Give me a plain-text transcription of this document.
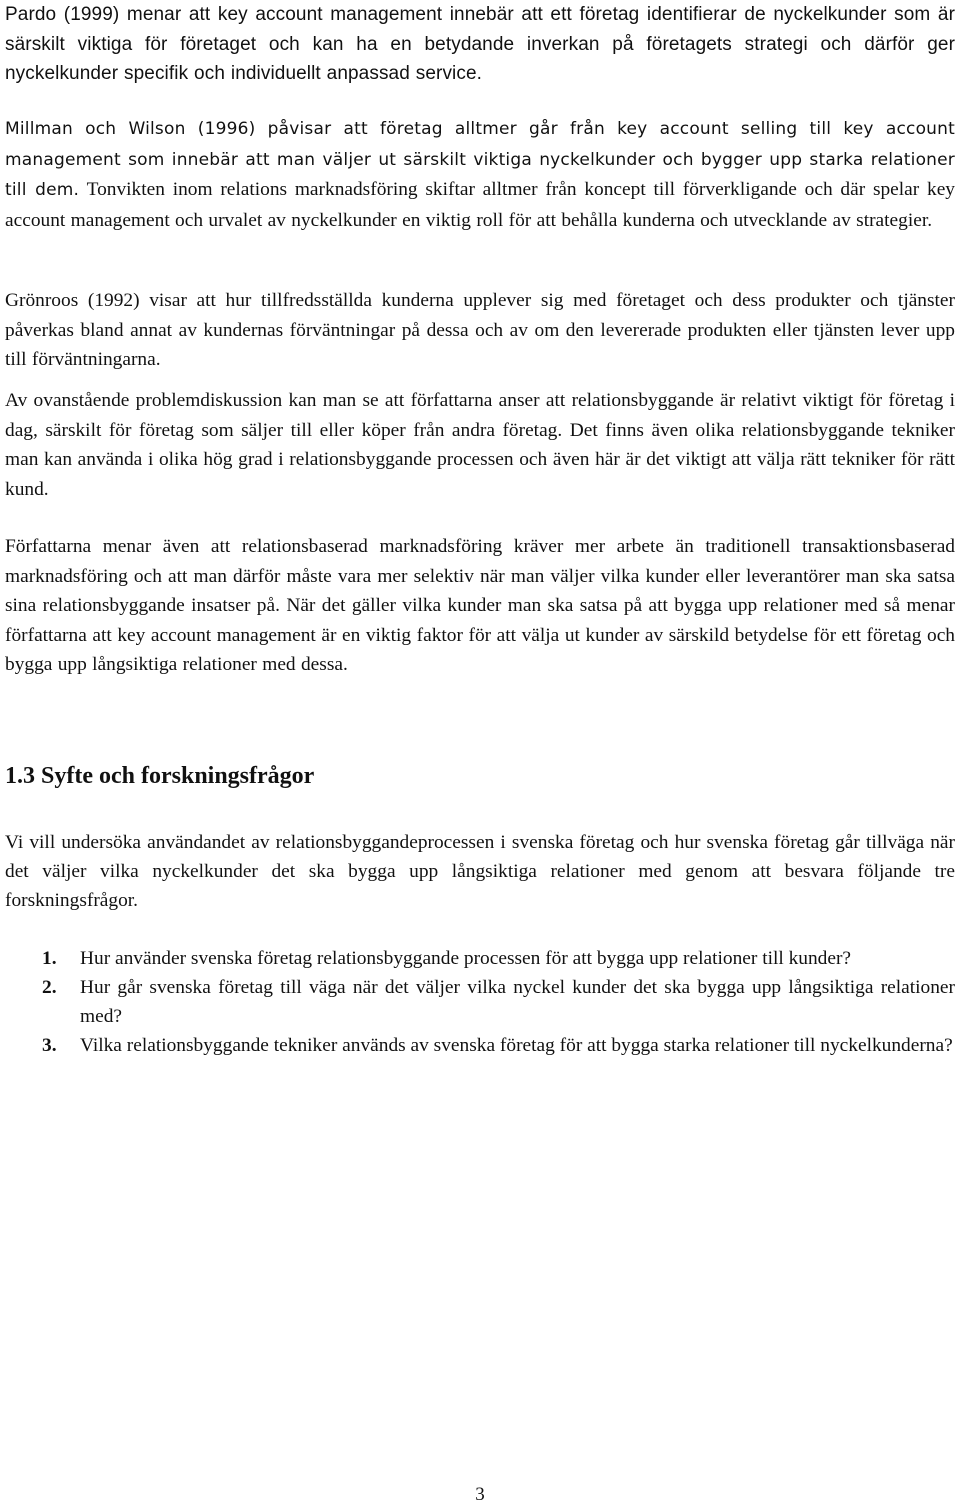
Pardo (1999) menar att key account management innebär att ett företag identifierar de nyckelkunder som är särskilt viktiga för företaget och kan ha en betydande inverkan på företagets strategi och därför ger nyckelkunder specifik och individuellt anpassad service.

Millman och Wilson (1996) påvisar att företag alltmer går från key account selling till key account management som innebär att man väljer ut särskilt viktiga nyckelkunder och bygger upp starka relationer till dem. Tonvikten inom relations marknadsföring skiftar alltmer från koncept till förverkligande och där spelar key account management och urvalet av nyckelkunder en viktig roll för att behålla kunderna och utvecklande av strategier.

Grönroos (1992) visar att hur tillfredsställda kunderna upplever sig med företaget och dess produkter och tjänster påverkas bland annat av kundernas förväntningar på dessa och av om den levererade produkten eller tjänsten lever upp till förväntningarna.

Av ovanstående problemdiskussion kan man se att författarna anser att relationsbyggande är relativt viktigt för företag i dag, särskilt för företag som säljer till eller köper från andra företag. Det finns även olika relationsbyggande tekniker man kan använda i olika hög grad i relationsbyggande processen och även här är det viktigt att välja rätt tekniker för rätt kund.

Författarna menar även att relationsbaserad marknadsföring kräver mer arbete än traditionell transaktionsbaserad marknadsföring och att man därför måste vara mer selektiv när man väljer vilka kunder eller leverantörer man ska satsa sina relationsbyggande insatser på. När det gäller vilka kunder man ska satsa på att bygga upp relationer med så menar författarna att key account management är en viktig faktor för att välja ut kunder av särskild betydelse för ett företag och bygga upp långsiktiga relationer med dessa.

1.3 Syfte och forskningsfrågor

Vi vill undersöka användandet av relationsbyggandeprocessen i svenska företag och hur svenska företag går tillväga när det väljer vilka nyckelkunder det ska bygga upp långsiktiga relationer med genom att besvara följande tre forskningsfrågor.

1. Hur använder svenska företag relationsbyggande processen för att bygga upp relationer till kunder?
2. Hur går svenska företag till väga när det väljer vilka nyckel kunder det ska bygga upp långsiktiga relationer med?
3. Vilka relationsbyggande tekniker används av svenska företag för att bygga starka relationer till nyckelkunderna?
3
